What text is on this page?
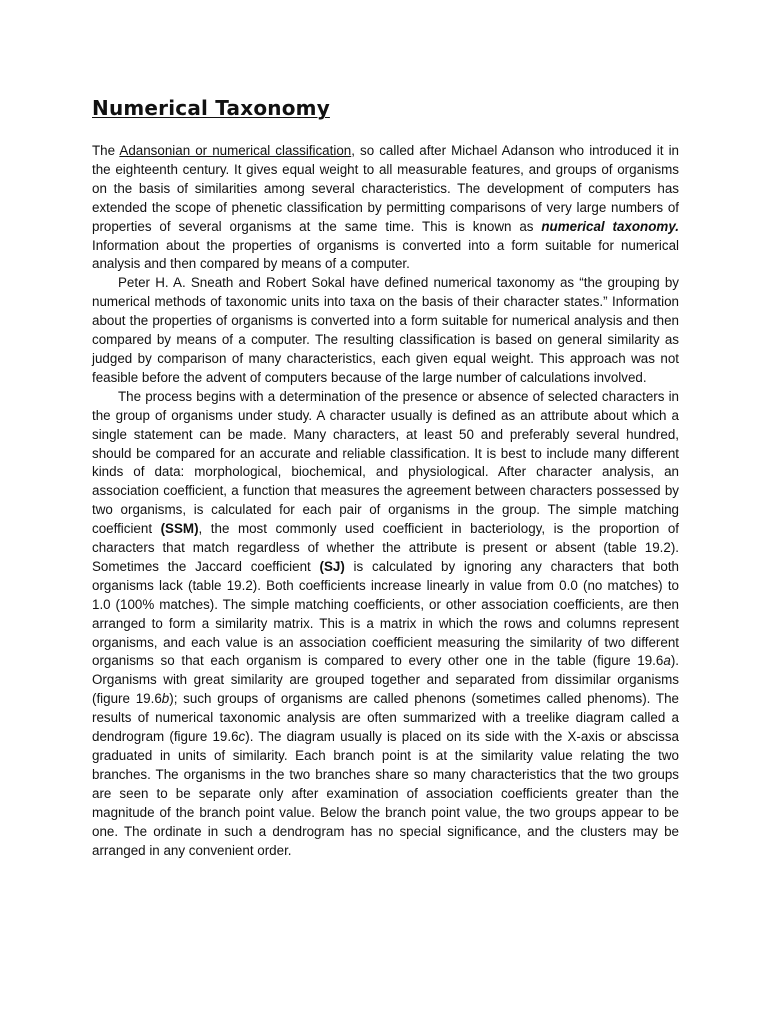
Numerical Taxonomy

The Adansonian or numerical classification, so called after Michael Adanson who introduced it in the eighteenth century. It gives equal weight to all measurable features, and groups of organisms on the basis of similarities among several characteristics. The development of computers has extended the scope of phenetic classification by permitting comparisons of very large numbers of properties of several organisms at the same time. This is known as numerical taxonomy. Information about the properties of organisms is converted into a form suitable for numerical analysis and then compared by means of a computer.

Peter H. A. Sneath and Robert Sokal have defined numerical taxonomy as “the grouping by numerical methods of taxonomic units into taxa on the basis of their character states.” Information about the properties of organisms is converted into a form suitable for numerical analysis and then compared by means of a computer. The resulting classification is based on general similarity as judged by comparison of many characteristics, each given equal weight. This approach was not feasible before the advent of computers because of the large number of calculations involved.

The process begins with a determination of the presence or absence of selected characters in the group of organisms under study. A character usually is defined as an attribute about which a single statement can be made. Many characters, at least 50 and preferably several hundred, should be compared for an accurate and reliable classification. It is best to include many different kinds of data: morphological, biochemical, and physiological. After character analysis, an association coefficient, a function that measures the agreement between characters possessed by two organisms, is calculated for each pair of organisms in the group. The simple matching coefficient (SSM), the most commonly used coefficient in bacteriology, is the proportion of characters that match regardless of whether the attribute is present or absent (table 19.2). Sometimes the Jaccard coefficient (SJ) is calculated by ignoring any characters that both organisms lack (table 19.2). Both coefficients increase linearly in value from 0.0 (no matches) to 1.0 (100% matches). The simple matching coefficients, or other association coefficients, are then arranged to form a similarity matrix. This is a matrix in which the rows and columns represent organisms, and each value is an association coefficient measuring the similarity of two different organisms so that each organism is compared to every other one in the table (figure 19.6a). Organisms with great similarity are grouped together and separated from dissimilar organisms (figure 19.6b); such groups of organisms are called phenons (sometimes called phenoms). The results of numerical taxonomic analysis are often summarized with a treelike diagram called a dendrogram (figure 19.6c). The diagram usually is placed on its side with the X-axis or abscissa graduated in units of similarity. Each branch point is at the similarity value relating the two branches. The organisms in the two branches share so many characteristics that the two groups are seen to be separate only after examination of association coefficients greater than the magnitude of the branch point value. Below the branch point value, the two groups appear to be one. The ordinate in such a dendrogram has no special significance, and the clusters may be arranged in any convenient order.
